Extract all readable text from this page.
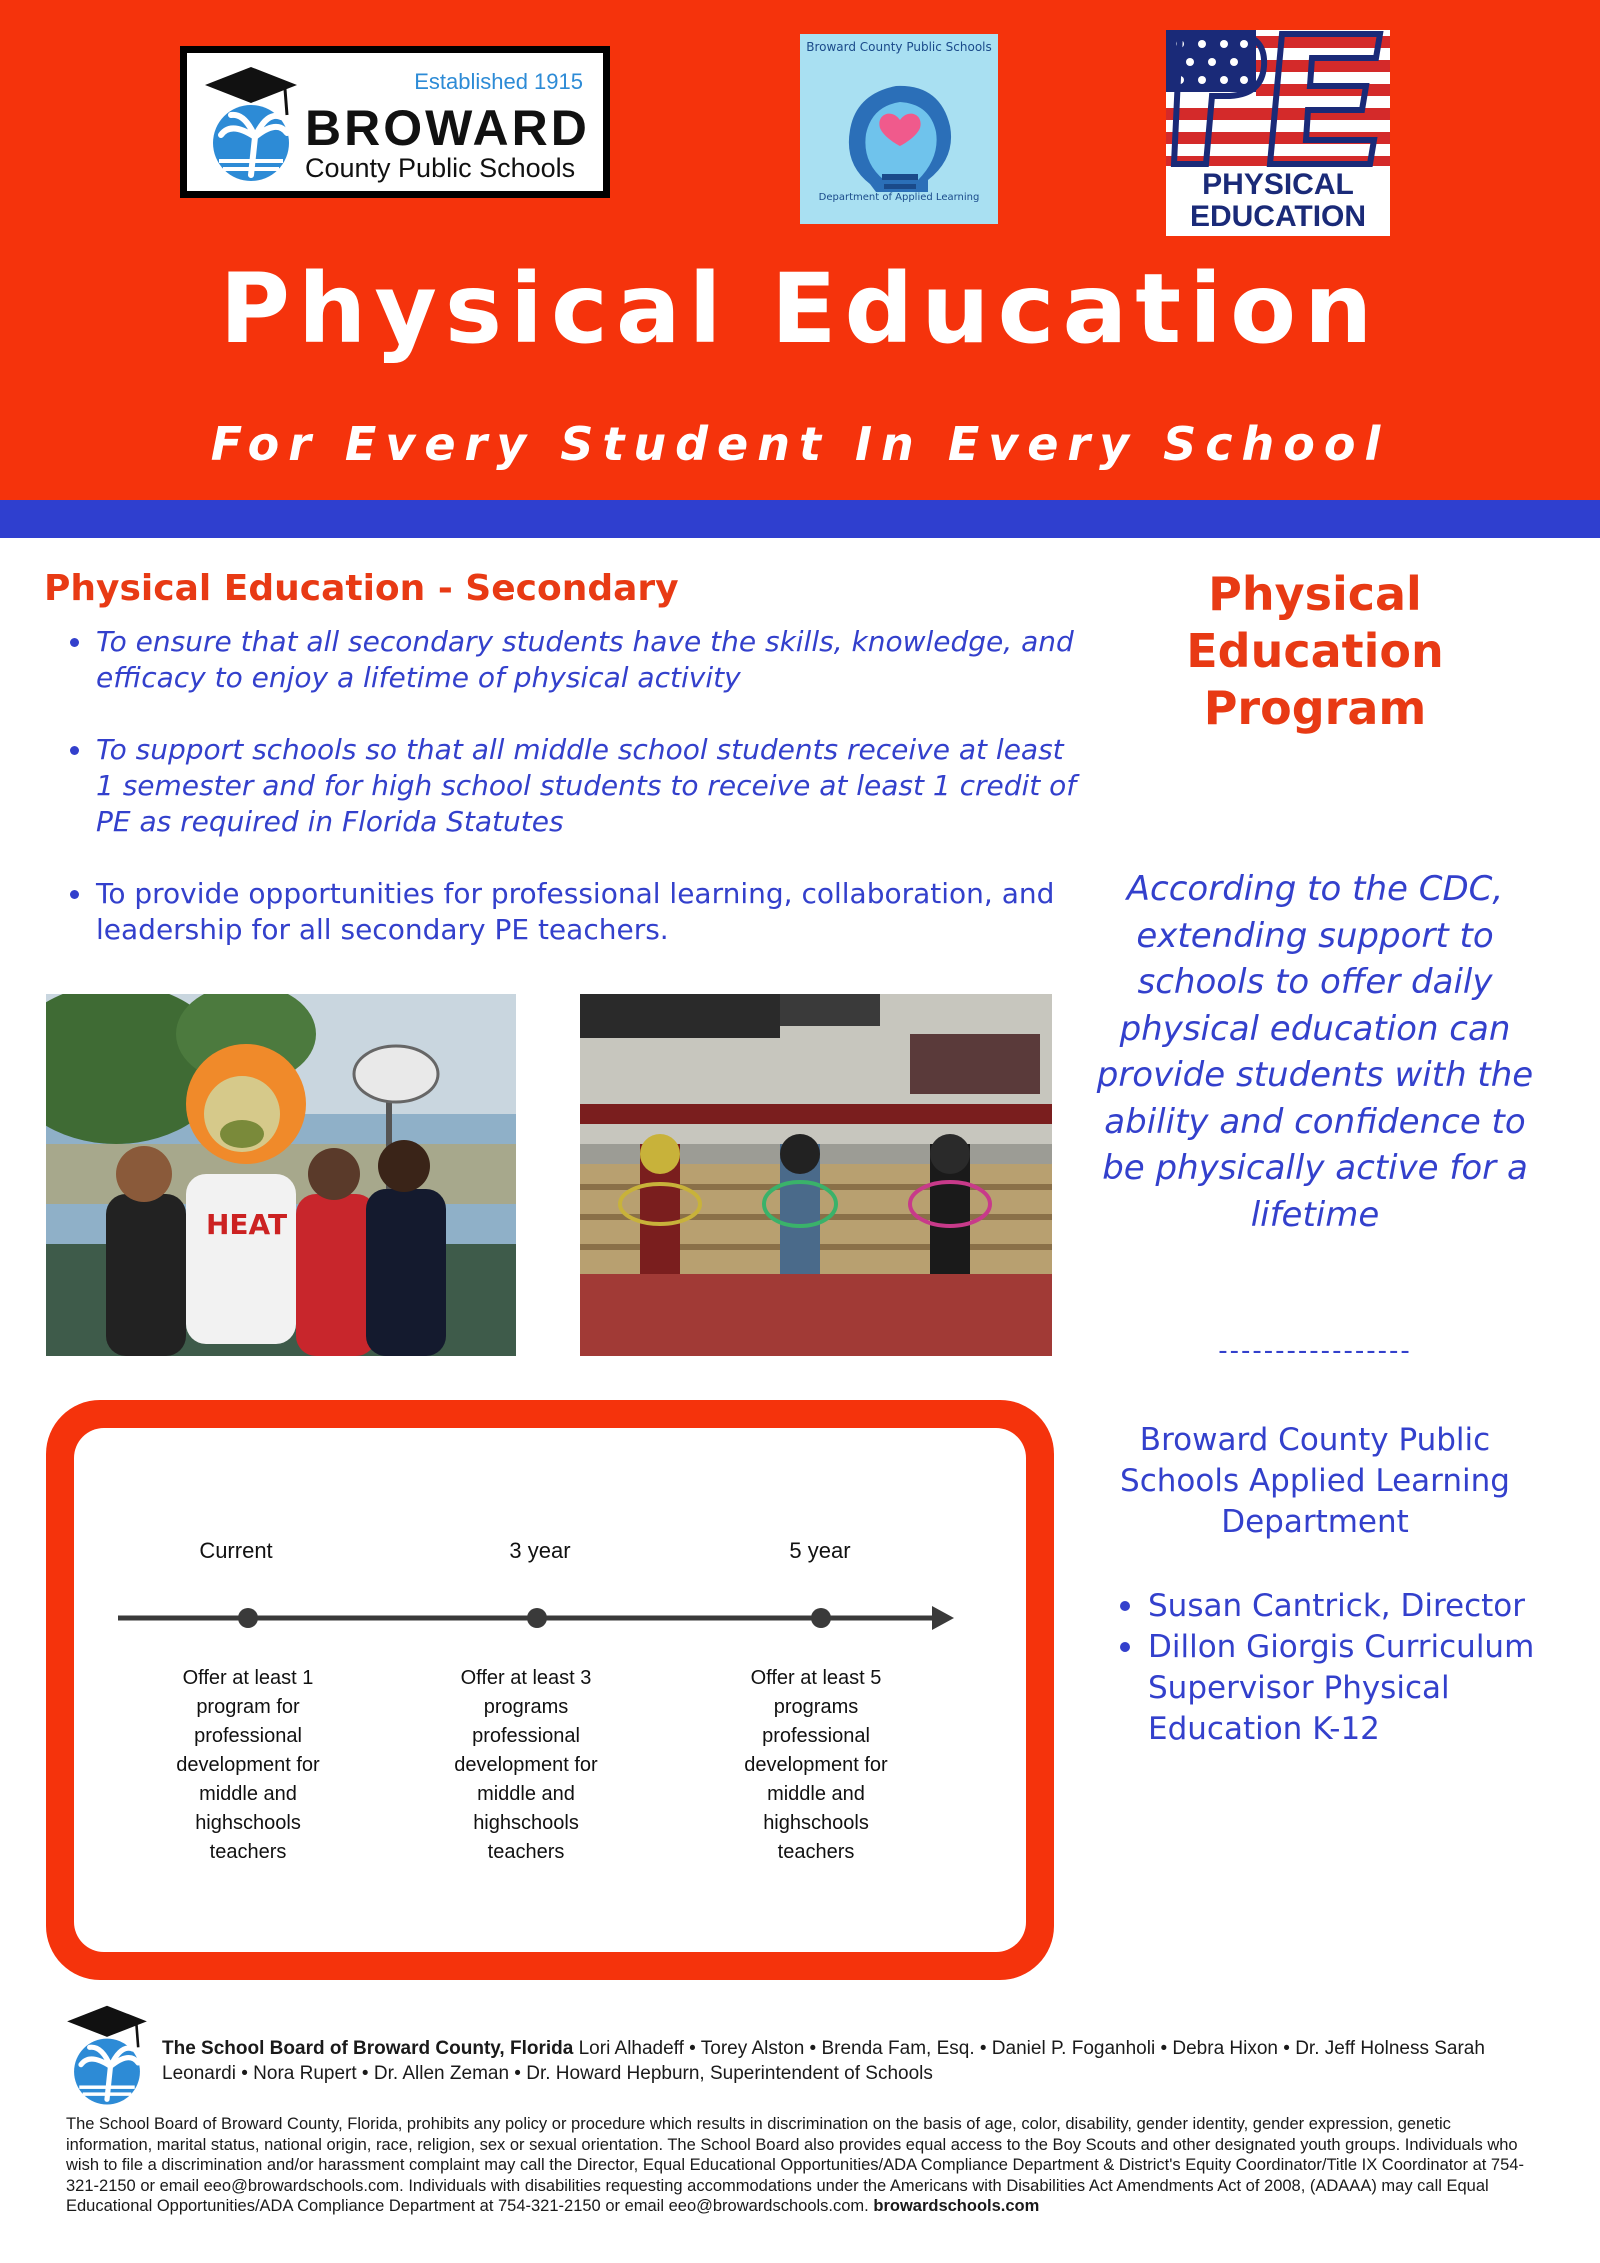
Established 1915
BROWARD
County Public Schools
Broward County Public Schools
Department of Applied Learning	PHYSICAL
EDUCATION
Physical Education
For Every Student In Every School
Physical Education - Secondary
To ensure that all secondary students have the skills, knowledge, and efficacy to enjoy a lifetime of physical activity
To support schools so that all middle school students receive at least 1 semester and for high school students to receive at least 1 credit of PE as required in Florida Statutes
To provide opportunities for professional learning, collaboration, and leadership for all secondary PE teachers.
HEAT
Current	3 year	5 year
Offer at least 1 program for professional development for middle and highschools teachers
Offer at least 3 programs professional development for middle and highschools teachers
Offer at least 5 programs professional development for middle and highschools teachers
Physical Education Program
According to the CDC, extending support to schools to offer daily physical education can provide students with the ability and confidence to be physically active for a lifetime
-----------------
Broward County Public Schools Applied Learning Department
Susan Cantrick, Director
Dillon Giorgis Curriculum Supervisor Physical Education K-12
The School Board of Broward County, Florida Lori Alhadeff • Torey Alston • Brenda Fam, Esq. • Daniel P. Foganholi • Debra Hixon • Dr. Jeff Holness Sarah Leonardi • Nora Rupert • Dr. Allen Zeman • Dr. Howard Hepburn, Superintendent of Schools
The School Board of Broward County, Florida, prohibits any policy or procedure which results in discrimination on the basis of age, color, disability, gender identity, gender expression, genetic information, marital status, national origin, race, religion, sex or sexual orientation. The School Board also provides equal access to the Boy Scouts and other designated youth groups. Individuals who wish to file a discrimination and/or harassment complaint may call the Director, Equal Educational Opportunities/ADA Compliance Department & District's Equity Coordinator/Title IX Coordinator at 754-321-2150 or email eeo@browardschools.com. Individuals with disabilities requesting accommodations under the Americans with Disabilities Act Amendments Act of 2008, (ADAAA) may call Equal Educational Opportunities/ADA Compliance Department at 754-321-2150 or email eeo@browardschools.com. browardschools.com
